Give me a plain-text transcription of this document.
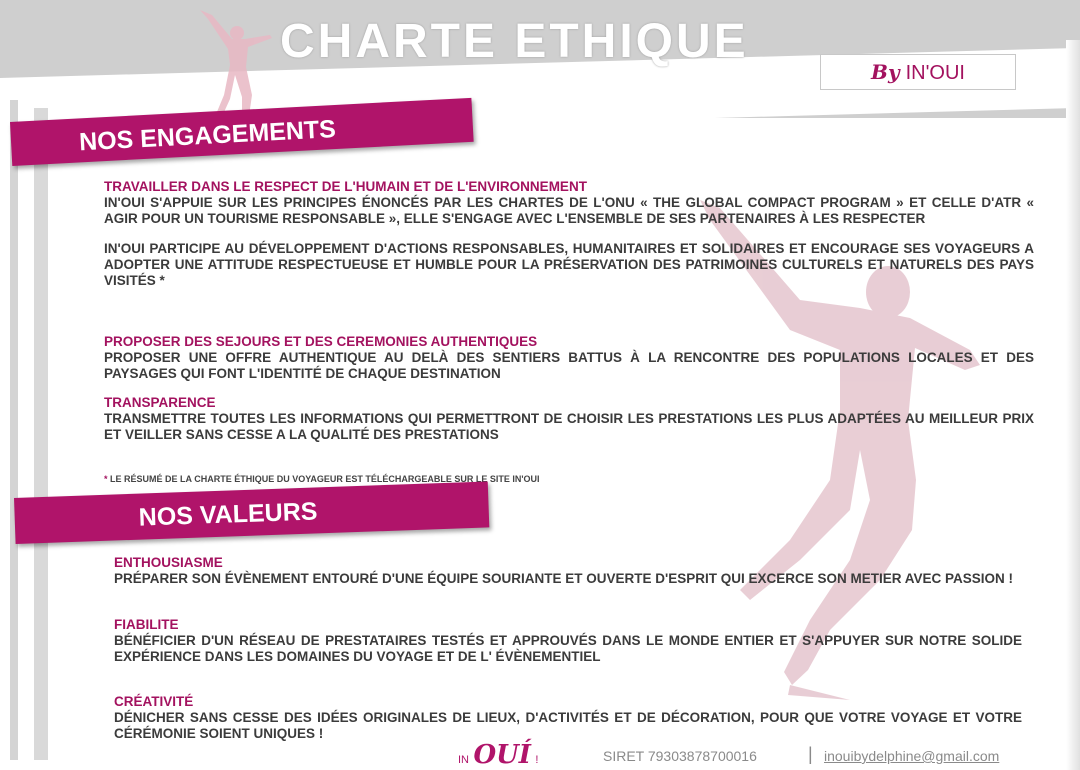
CHARTE ETHIQUE
By IN'OUI
NOS ENGAGEMENTS

TRAVAILLER DANS LE RESPECT DE L'HUMAIN ET DE L'ENVIRONNEMENT

IN'OUI S'APPUIE SUR LES PRINCIPES ÉNONCÉS PAR LES CHARTES DE L'ONU « THE GLOBAL COMPACT PROGRAM » ET CELLE D'ATR « AGIR POUR UN TOURISME RESPONSABLE », ELLE S'ENGAGE AVEC L'ENSEMBLE DE SES PARTENAIRES À LES RESPECTER

IN'OUI PARTICIPE AU DÉVELOPPEMENT D'ACTIONS RESPONSABLES, HUMANITAIRES ET SOLIDAIRES ET ENCOURAGE SES VOYAGEURS A ADOPTER UNE ATTITUDE RESPECTUEUSE ET HUMBLE POUR LA PRÉSERVATION DES PATRIMOINES CULTURELS ET NATURELS DES PAYS VISITÉS *

PROPOSER DES SEJOURS ET DES CEREMONIES AUTHENTIQUES

PROPOSER UNE OFFRE AUTHENTIQUE AU DELÀ DES SENTIERS BATTUS À LA RENCONTRE DES POPULATIONS LOCALES ET DES PAYSAGES QUI FONT L'IDENTITÉ DE CHAQUE DESTINATION

TRANSPARENCE

TRANSMETTRE TOUTES LES INFORMATIONS QUI PERMETTRONT DE CHOISIR LES PRESTATIONS LES PLUS ADAPTÉES AU MEILLEUR PRIX ET VEILLER SANS CESSE A LA QUALITÉ DES PRESTATIONS

* LE RÉSUMÉ DE LA CHARTE ÉTHIQUE DU VOYAGEUR EST TÉLÉCHARGEABLE SUR LE SITE IN'OUI
NOS VALEURS

ENTHOUSIASME

PRÉPARER SON ÉVÈNEMENT ENTOURÉ D'UNE ÉQUIPE SOURIANTE ET OUVERTE D'ESPRIT QUI EXCERCE SON METIER AVEC PASSION !

FIABILITE

BÉNÉFICIER D'UN RÉSEAU DE PRESTATAIRES TESTÉS ET APPROUVÉS DANS LE MONDE ENTIER ET S'APPUYER SUR NOTRE SOLIDE EXPÉRIENCE DANS LES DOMAINES DU VOYAGE ET DE L' ÉVÈNEMENTIEL

CRÉATIVITÉ

DÉNICHER SANS CESSE DES IDÉES ORIGINALES DE LIEUX, D'ACTIVITÉS ET DE DÉCORATION, POUR QUE VOTRE VOYAGE ET VOTRE CÉRÉMONIE SOIENT UNIQUES !

IN OUÍ !	SIRET 79303878700016	| inouibydelphine@gmail.com
